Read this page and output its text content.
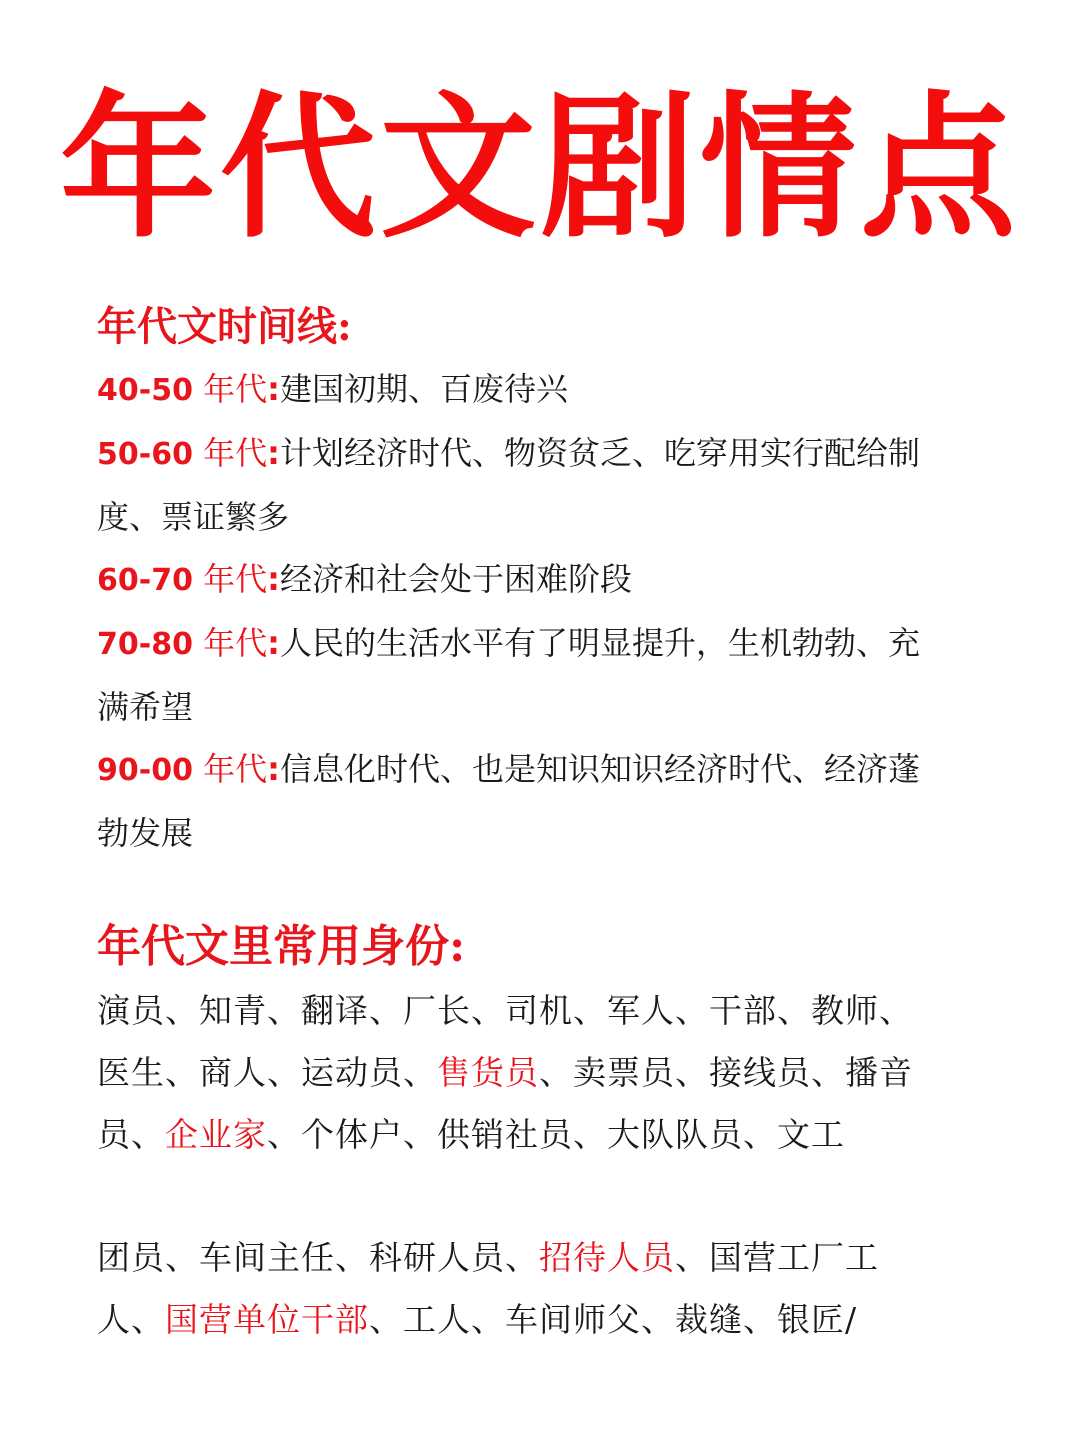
年代文剧情点
年代文时间线:
40-50 年代:建国初期、百废待兴
50-60 年代:计划经济时代、物资贫乏、吃穿用实行配给制度、票证繁多
60-70 年代:经济和社会处于困难阶段
70-80 年代:人民的生活水平有了明显提升，生机勃勃、充满希望
90-00 年代:信息化时代、也是知识知识经济时代、经济蓬勃发展
年代文里常用身份:
演员、知青、翻译、厂长、司机、军人、干部、教师、医生、商人、运动员、售货员、卖票员、接线员、播音员、企业家、个体户、供销社员、大队队员、文工
团员、车间主任、科研人员、招待人员、国营工厂工人、国营单位干部、工人、车间师父、裁缝、银匠/
